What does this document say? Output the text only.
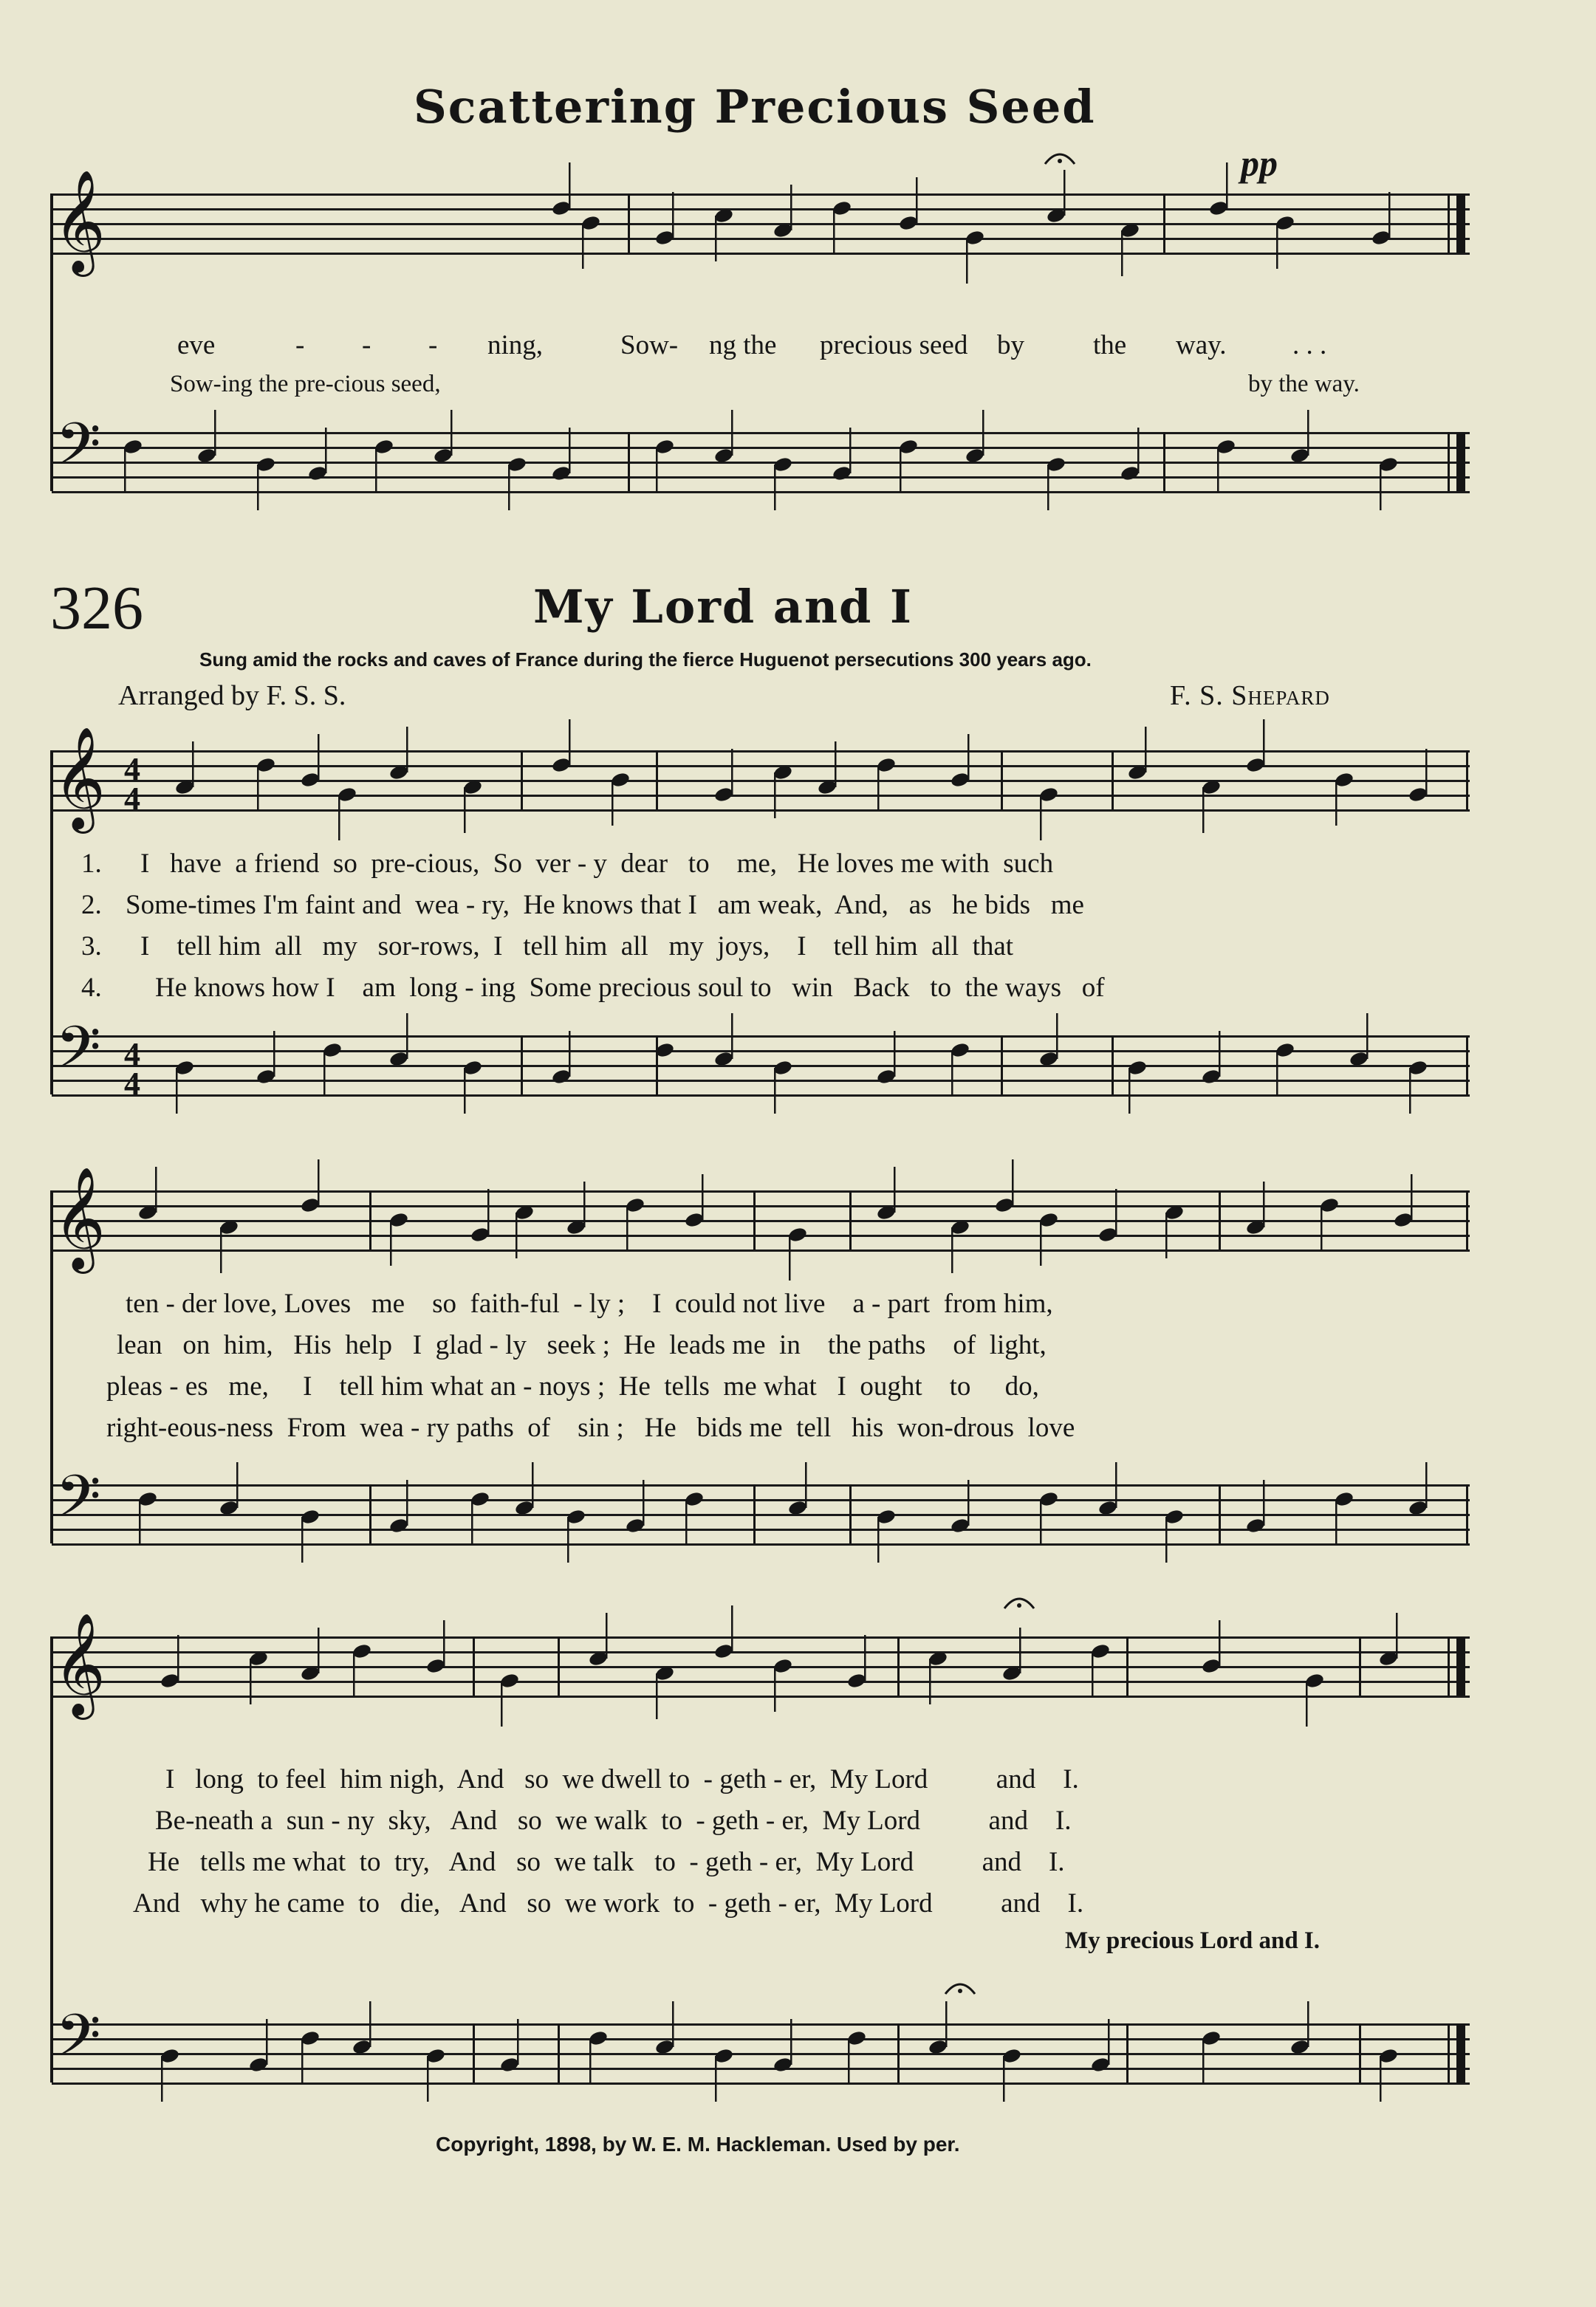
Scattering Precious Seed
pp
𝄞
eve	- - - ning,	Sow- ng the precious seed by	the way. . . .
Sow-ing the pre-cious seed,	by the way.
𝄢
326	My Lord and I
Sung amid the rocks and caves of France during the fierce Huguenot persecutions 300 years ago.
Arranged by F. S. S.	F. S. Shepard
𝄞
𝄢
1. I   have  a friend  so  pre-cious,  So  ver - y  dear   to    me,   He loves me with  such
2. Some-times I'm faint and  wea - ry,  He knows that I   am weak,  And,   as   he bids   me
3. I    tell him  all   my   sor-rows,  I   tell him  all   my  joys,    I    tell him  all  that
4. He knows how I    am  long - ing  Some precious soul to   win   Back   to  the ways   of
𝄞
𝄢
ten - der love, Loves   me    so  faith-ful  - ly ;    I  could not live    a - part  from him,
lean   on  him,   His  help   I  glad - ly   seek ;  He  leads me  in    the paths    of  light,
pleas - es   me,     I    tell him what an - noys ;  He  tells  me what   I  ought    to     do,
right-eous-ness  From  wea - ry paths  of    sin ;   He   bids me  tell   his  won-drous  love
𝄞
𝄢
I   long  to feel  him nigh,  And   so  we dwell to  - geth - er,  My Lord          and    I.
Be-neath a  sun - ny  sky,   And   so  we walk  to  - geth - er,  My Lord          and    I.
He   tells me what  to  try,   And   so  we talk   to  - geth - er,  My Lord          and    I.
And   why he came  to   die,   And   so  we work  to  - geth - er,  My Lord          and    I.
My precious Lord and I.
Copyright, 1898, by W. E. M. Hackleman. Used by per.
4
4
4
4
